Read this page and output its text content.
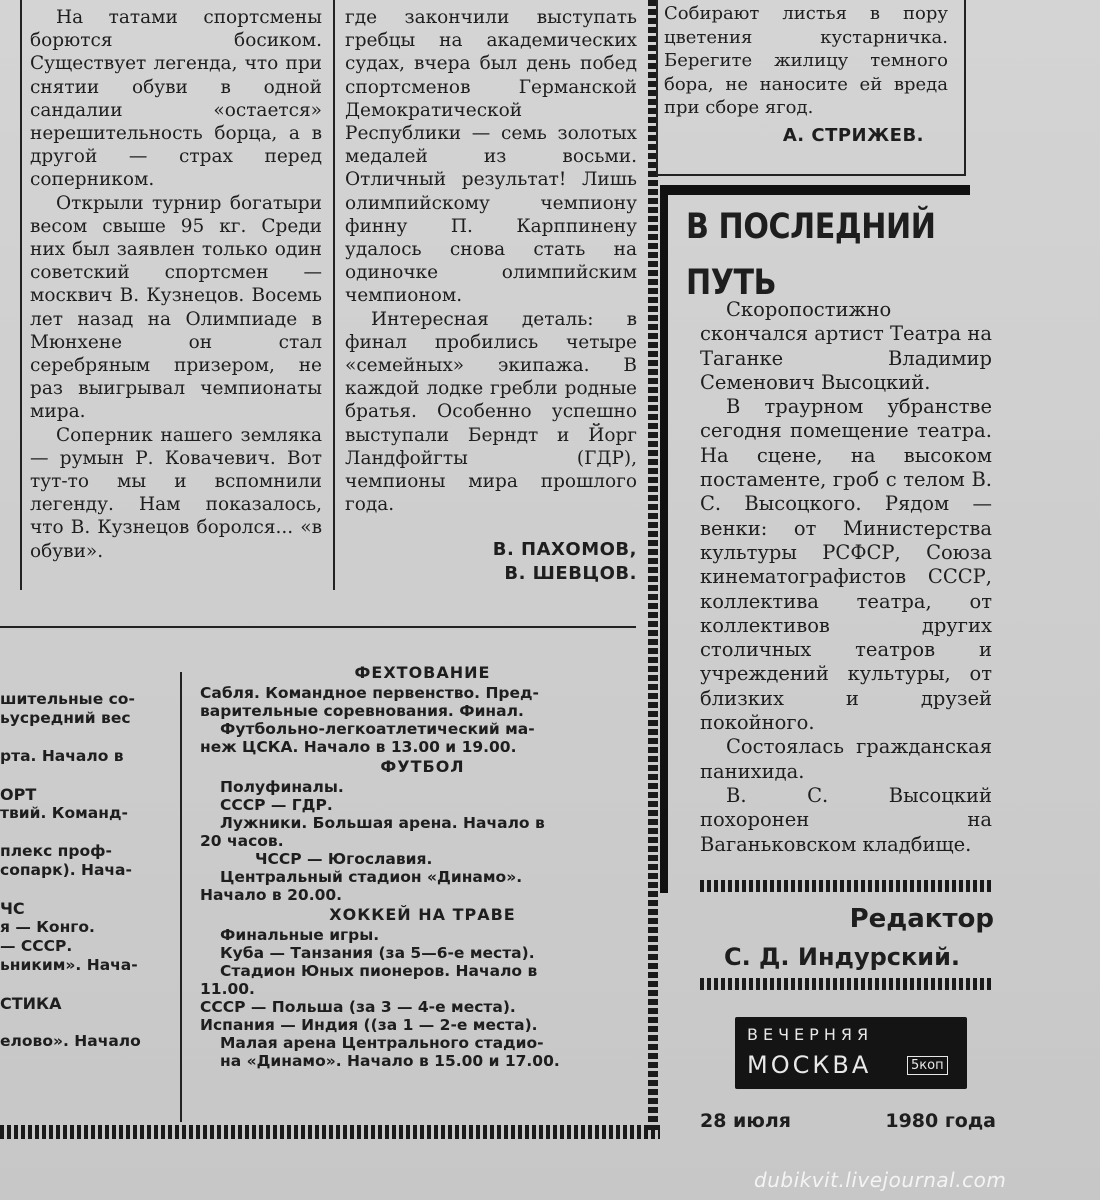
На татами спортсмены борются босиком. Существует легенда, что при снятии обуви в одной сандалии «остается» нерешительность борца, а в другой — страх перед соперником.

Открыли турнир богатыри весом свыше 95 кг. Среди них был заявлен только один советский спортсмен — москвич В. Кузнецов. Восемь лет назад на Олимпиаде в Мюнхене он стал серебряным призером, не раз выигрывал чемпионаты мира.

Соперник нашего земляка — румын Р. Ковачевич. Вот тут-то мы и вспомнили легенду. Нам показалось, что В. Кузнецов боролся... «в обуви».

где закончили выступать гребцы на академических судах, вчера был день побед спортсменов Германской Демократической Республики — семь золотых медалей из восьми. Отличный результат! Лишь олимпийскому чемпиону финну П. Карппинену удалось снова стать на одиночке олимпийским чемпионом.

Интересная деталь: в финал пробились четыре «семейных» экипажа. В каждой лодке гребли родные братья. Особенно успешно выступали Берндт и Йорг Ландфойгты (ГДР), чемпионы мира прошлого года.

В. ПАХОМОВ,
В. ШЕВЦОВ.
шительные со-
ьусредний вес
рта. Начало в
ОРТ
твий. Команд-
плекс проф-
сопарк). Нача-
ЧС
я — Конго.
— СССР.
ьниким». Нача-
СТИКА
елово». Начало
ФЕХТОВАНИЕ
Сабля. Командное первенство. Пред-
варительные соревнования. Финал.
Футбольно-легкоатлетический ма-
неж ЦСКА. Начало в 13.00 и 19.00.
ФУТБОЛ
Полуфиналы.
СССР — ГДР.
Лужники. Большая арена. Начало в
20 часов.
ЧССР — Югославия.
Центральный стадион «Динамо».
Начало в 20.00.
ХОККЕЙ НА ТРАВЕ
Финальные игры.
Куба — Танзания (за 5—6-е места).
Стадион Юных пионеров. Начало в
11.00.
СССР — Польша (за 3 — 4-е места).
Испания — Индия ((за 1 — 2-е места).
Малая арена Центрального стадио-
на «Динамо». Начало в 15.00 и 17.00.

Собирают листья в пору цветения кустарничка. Берегите жилицу темного бора, не наносите ей вреда при сборе ягод.

А. СТРИЖЕВ.
В ПОСЛЕДНИЙ
ПУТЬ

Скоропостижно скончался артист Театра на Таганке Владимир Семенович Высоцкий.

В траурном убранстве сегодня помещение театра. На сцене, на высоком постаменте, гроб с телом В. С. Высоцкого. Рядом — венки: от Министерства культуры РСФСР, Союза кинематографистов СССР, коллектива театра, от коллективов других столичных театров и учреждений культуры, от близких и друзей покойного.

Состоялась гражданская панихида.

В. С. Высоцкий похоронен на Ваганьковском кладбище.

Редактор
С. Д. Индурский.
ВЕЧЕРНЯЯ
МОСКВА	5коп
28 июля	1980 года
dubikvit.livejournal.com
